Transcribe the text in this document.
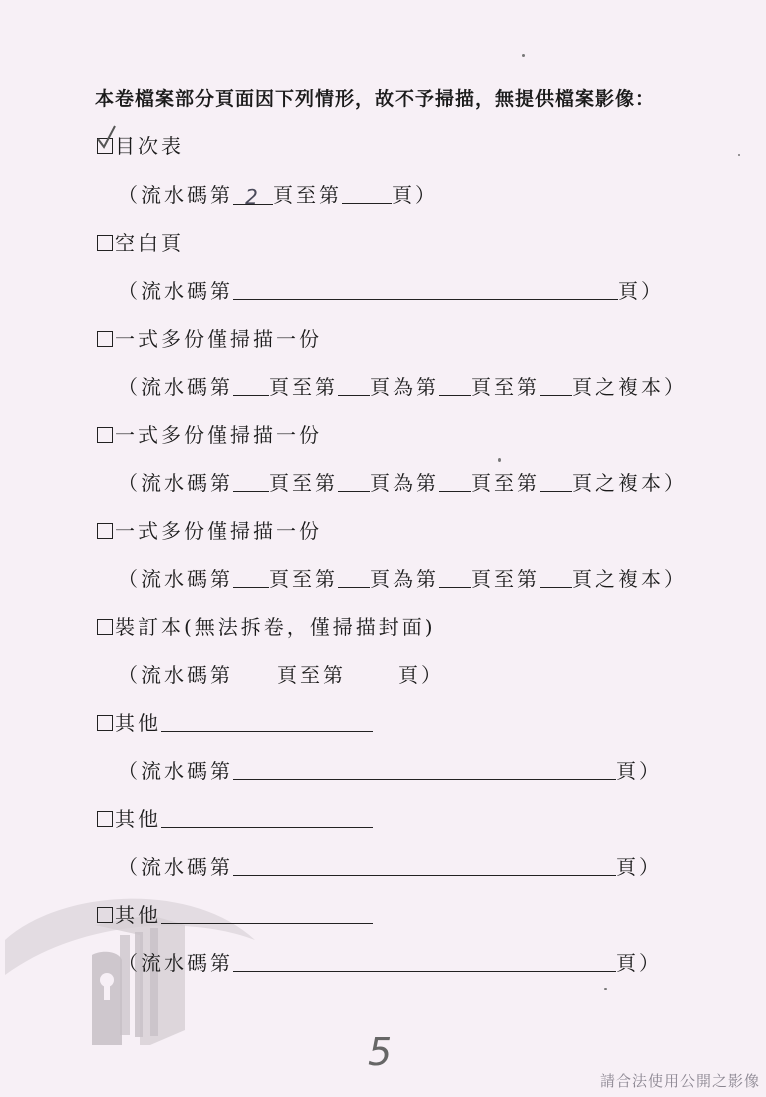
本卷檔案部分頁面因下列情形，故不予掃描，無提供檔案影像：
目次表
（流水碼第 2 頁至第	頁）
空白頁
（流水碼第	頁）
一式多份僅掃描一份
（流水碼第 頁至第 頁為第 頁至第 頁之複本）
一式多份僅掃描一份
（流水碼第 頁至第 頁為第 頁至第 頁之複本）
一式多份僅掃描一份
（流水碼第 頁至第 頁為第 頁至第 頁之複本）
裝訂本(無法拆卷，僅掃描封面)
（流水碼第 頁至第	頁）
其他
（流水碼第	頁）
其他
（流水碼第	頁）
其他
（流水碼第	頁）
5
請合法使用公開之影像
